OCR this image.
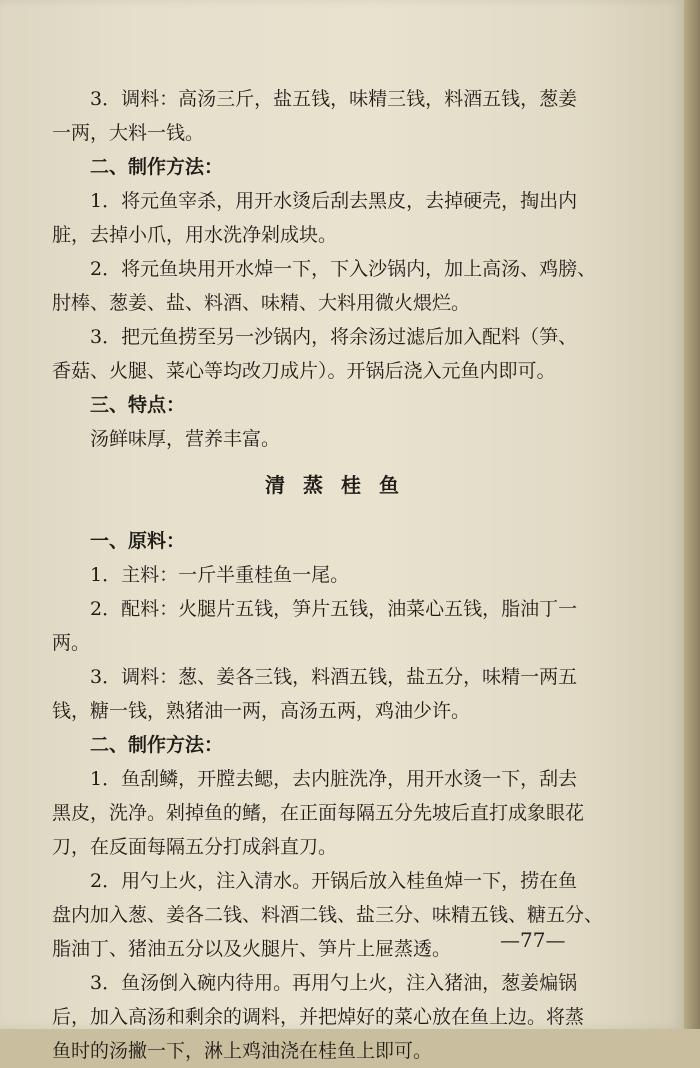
3．调料：高汤三斤，盐五钱，味精三钱，料酒五钱，葱姜
一两，大料一钱。
二、制作方法：
1．将元鱼宰杀，用开水烫后刮去黑皮，去掉硬壳，掏出内
脏，去掉小爪，用水洗净剁成块。
2．将元鱼块用开水焯一下，下入沙锅内，加上高汤、鸡膀、
肘棒、葱姜、盐、料酒、味精、大料用微火煨烂。
3．把元鱼捞至另一沙锅内，将余汤过滤后加入配料（笋、
香菇、火腿、菜心等均改刀成片）。开锅后浇入元鱼内即可。
三、特点：
汤鲜味厚，营养丰富。
清蒸桂鱼
一、原料：
1．主料：一斤半重桂鱼一尾。
2．配料：火腿片五钱，笋片五钱，油菜心五钱，脂油丁一
两。
3．调料：葱、姜各三钱，料酒五钱，盐五分，味精一两五
钱，糖一钱，熟猪油一两，高汤五两，鸡油少许。
二、制作方法：
1．鱼刮鳞，开膛去鳃，去内脏洗净，用开水烫一下，刮去
黑皮，洗净。剁掉鱼的鳍，在正面每隔五分先坡后直打成象眼花
刀，在反面每隔五分打成斜直刀。
2．用勺上火，注入清水。开锅后放入桂鱼焯一下，捞在鱼
盘内加入葱、姜各二钱、料酒二钱、盐三分、味精五钱、糖五分、
脂油丁、猪油五分以及火腿片、笋片上屉蒸透。
3．鱼汤倒入碗内待用。再用勺上火，注入猪油，葱姜煸锅
后，加入高汤和剩余的调料，并把焯好的菜心放在鱼上边。将蒸
鱼时的汤撇一下，淋上鸡油浇在桂鱼上即可。
—77—
